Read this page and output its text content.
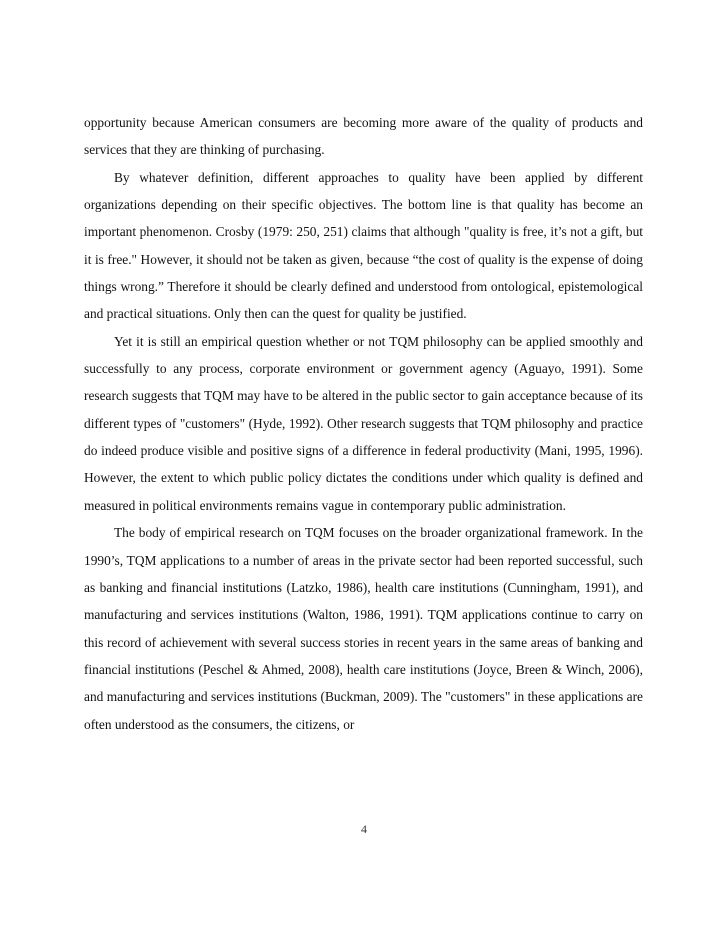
opportunity because American consumers are becoming more aware of the quality of products and services that they are thinking of purchasing.

By whatever definition, different approaches to quality have been applied by different organizations depending on their specific objectives. The bottom line is that quality has become an important phenomenon. Crosby (1979: 250, 251) claims that although "quality is free, it’s not a gift, but it is free." However, it should not be taken as given, because “the cost of quality is the expense of doing things wrong.” Therefore it should be clearly defined and understood from ontological, epistemological and practical situations. Only then can the quest for quality be justified.

Yet it is still an empirical question whether or not TQM philosophy can be applied smoothly and successfully to any process, corporate environment or government agency (Aguayo, 1991). Some research suggests that TQM may have to be altered in the public sector to gain acceptance because of its different types of "customers" (Hyde, 1992). Other research suggests that TQM philosophy and practice do indeed produce visible and positive signs of a difference in federal productivity (Mani, 1995, 1996). However, the extent to which public policy dictates the conditions under which quality is defined and measured in political environments remains vague in contemporary public administration.

The body of empirical research on TQM focuses on the broader organizational framework. In the 1990’s, TQM applications to a number of areas in the private sector had been reported successful, such as banking and financial institutions (Latzko, 1986), health care institutions (Cunningham, 1991), and manufacturing and services institutions (Walton, 1986, 1991). TQM applications continue to carry on this record of achievement with several success stories in recent years in the same areas of banking and financial institutions (Peschel & Ahmed, 2008), health care institutions (Joyce, Breen & Winch, 2006), and manufacturing and services institutions (Buckman, 2009). The "customers" in these applications are often understood as the consumers, the citizens, or

4
